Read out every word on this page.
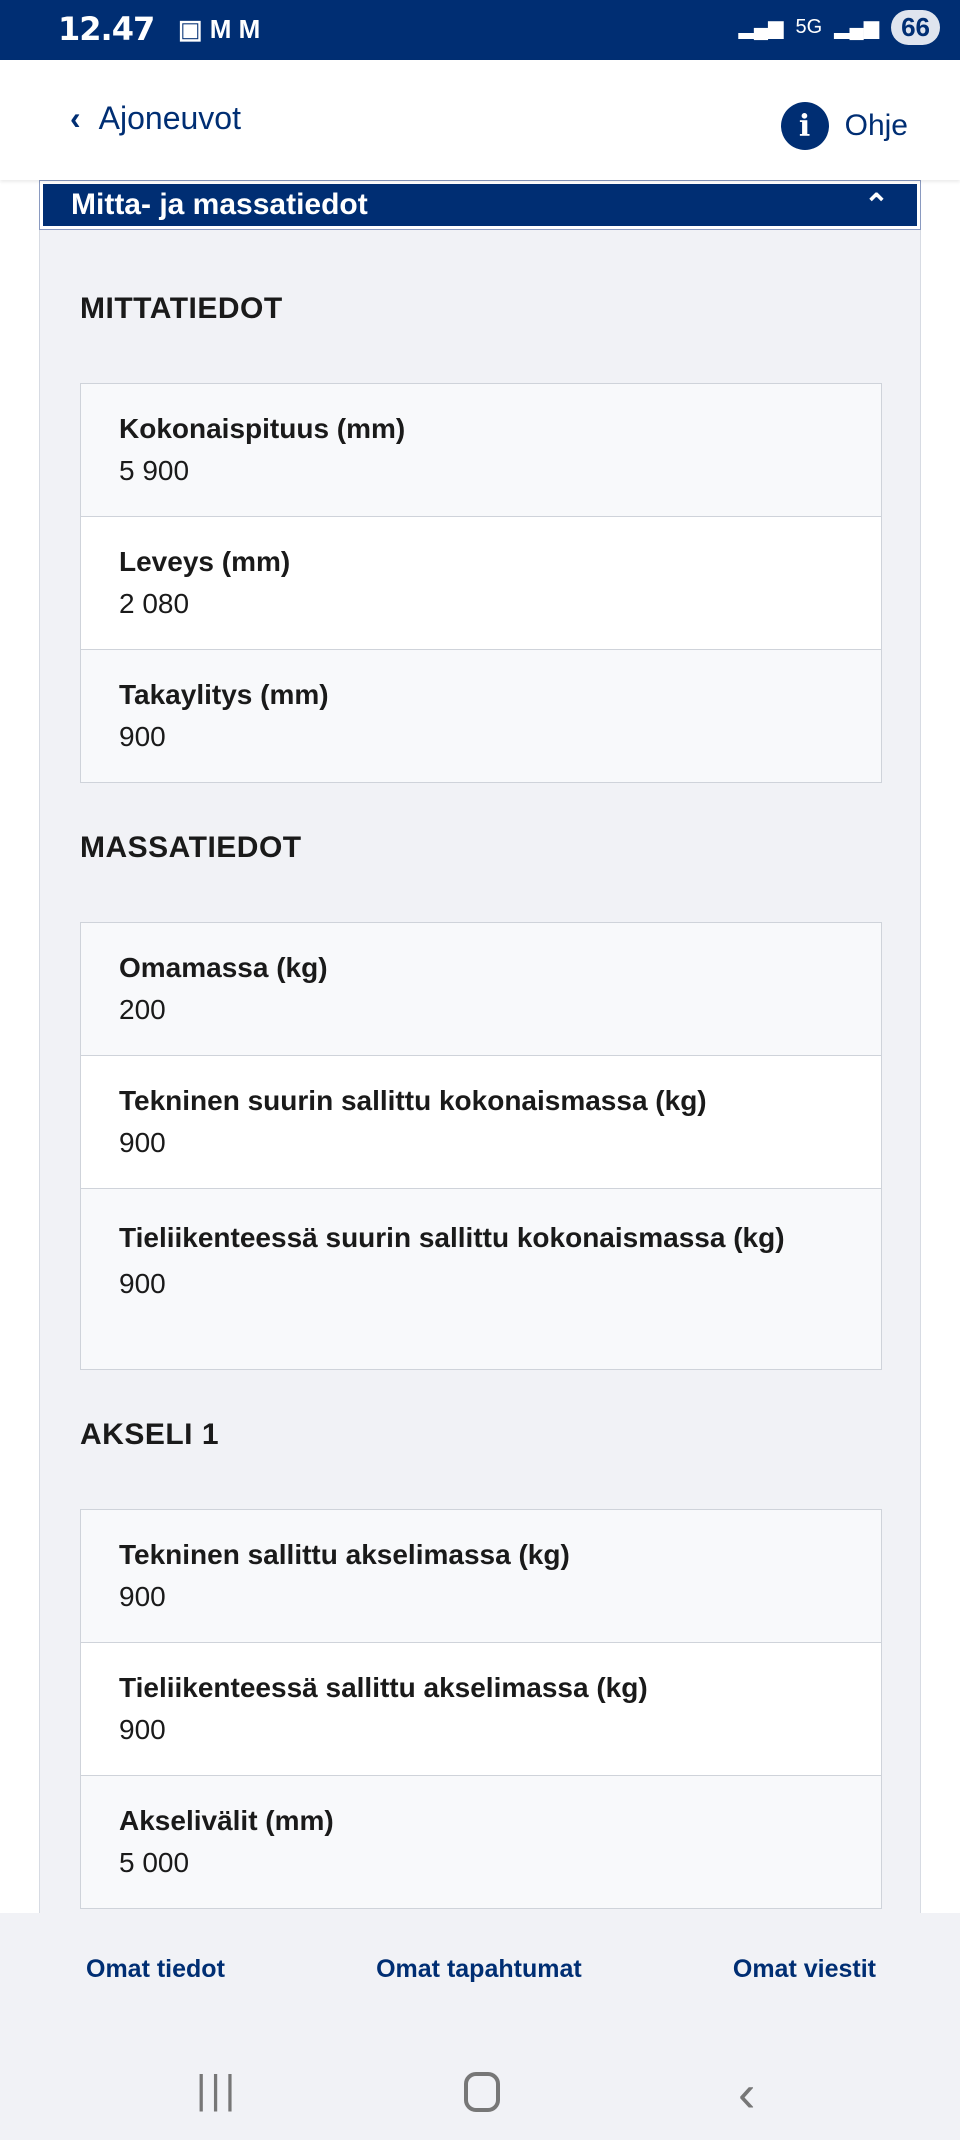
12.47 ▣ M M	▂▄▆ 5G ▂▄▆ 66
‹ Ajoneuvot	i	Ohje
Mitta- ja massatiedot	⌃
MITTATIEDOT
Kokonaispituus (mm)
5 900
Leveys (mm)
2 080
Takaylitys (mm)
900
MASSATIEDOT
Omamassa (kg)
200
Tekninen suurin sallittu kokonaismassa (kg)
900
Tieliikenteessä suurin sallittu kokonaismassa (kg)
900
AKSELI 1
Tekninen sallittu akselimassa (kg)
900
Tieliikenteessä sallittu akselimassa (kg)
900
Akselivälit (mm)
5 000
Omat tiedot	Omat tapahtumat	Omat viestit
|||	‹
